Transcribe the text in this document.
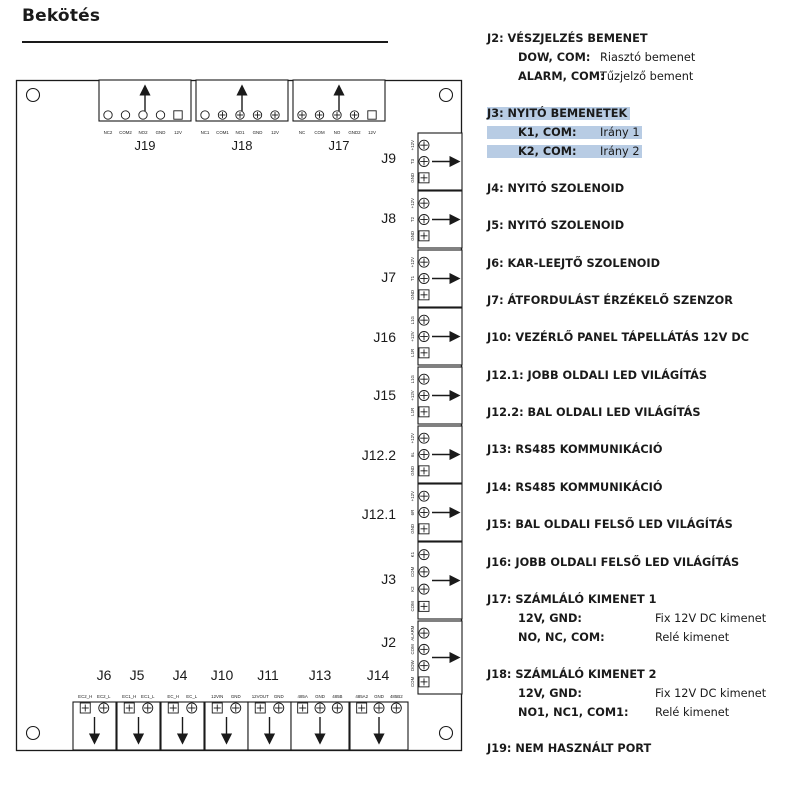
Bekötés
NC2 COM2 NO2 GND 12V
J19
NC1 COM1 NO1 GND 12V
J18
NC COM NO GND2 12V
J17	+12V
T3
GND
J9
+12V
T2
GND
J8
+12V
T1
GND
J7
L1G
+12V
L1R
J16
L1G
+12V
L1R
J15
+12V
6L
GND
J12.2
+12V
6R
GND
J12.1
K1
COM
K2
COM
J3
ALARM
COM
DOW
COM
J2
EC2_H EC2_L
J6
EC1_H EC1_L
J5
EC_H EC_L
J4
12VIN GND
J10
12VOUT GND
J11
485A GND 485B
J13
485A2 GND 485B2
J14
J2: VÉSZJELZÉS BEMENET
DOW, COM: Riasztó bemenet
ALARM, COM:
Tűzjelző bement
J3: NYITÓ BEMENETEK
K1, COM:	Irány 1
K2, COM:	Irány 2
J4: NYITÓ SZOLENOID
J5: NYITÓ SZOLENOID
J6: KAR-LEEJTŐ SZOLENOID
J7: ÁTFORDULÁST ÉRZÉKELŐ SZENZOR
J10: VEZÉRLŐ PANEL TÁPELLÁTÁS 12V DC
J12.1: JOBB OLDALI LED VILÁGÍTÁS
J12.2: BAL OLDALI LED VILÁGÍTÁS
J13: RS485 KOMMUNIKÁCIÓ
J14: RS485 KOMMUNIKÁCIÓ
J15: BAL OLDALI FELSŐ LED VILÁGÍTÁS
J16: JOBB OLDALI FELSŐ LED VILÁGÍTÁS
J17: SZÁMLÁLÓ KIMENET 1
12V, GND:	Fix 12V DC kimenet
NO, NC, COM:	Relé kimenet
J18: SZÁMLÁLÓ KIMENET 2
12V, GND:	Fix 12V DC kimenet
NO1, NC1, COM1: Relé kimenet
J19: NEM HASZNÁLT PORT
